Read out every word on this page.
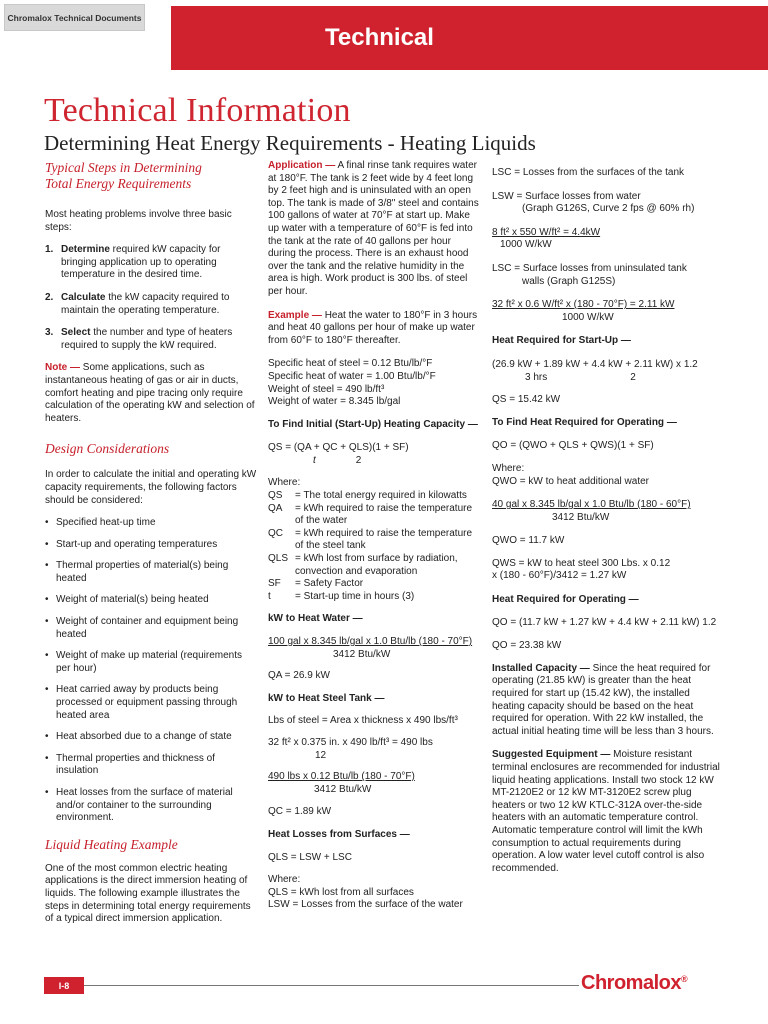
Chromalox Technical Documents
Technical
Technical Information
Determining Heat Energy Requirements - Heating Liquids
Typical Steps in Determining
Total Energy Requirements

Most heating problems involve three basic steps:

1. Determine required kW capacity for bringing application up to operating temperature in the desired time.
2. Calculate the kW capacity required to maintain the operating temperature.
3. Select the number and type of heaters required to supply the kW required.

Note — Some applications, such as instantaneous heating of gas or air in ducts, comfort heating and pipe tracing only require calculation of the operating kW and selection of heaters.

Design Considerations

In order to calculate the initial and operating kW capacity requirements, the following factors should be considered:

• Specified heat-up time
• Start-up and operating temperatures
• Thermal properties of material(s) being heated
• Weight of material(s) being heated
• Weight of container and equipment being heated
• Weight of make up material (requirements per hour)
• Heat carried away by products being processed or equipment passing through heated area
• Heat absorbed due to a change of state
• Thermal properties and thickness of insulation
• Heat losses from the surface of material and/or container to the surrounding environment.
Liquid Heating Example

One of the most common electric heating applications is the direct immersion heating of liquids. The following example illustrates the steps in determining total energy requirements of a typical direct immersion application.

Application — A final rinse tank requires water at 180°F. The tank is 2 feet wide by 4 feet long by 2 feet high and is uninsulated with an open top. The tank is made of 3/8" steel and contains 100 gallons of water at 70°F at start up. Make up water with a temperature of 60°F is fed into the tank at the rate of 40 gallons per hour during the process. There is an exhaust hood over the tank and the relative humidity in the area is high. Work product is 300 lbs. of steel per hour.

Example — Heat the water to 180°F in 3 hours and heat 40 gallons per hour of make up water from 60°F to 180°F thereafter.

Specific heat of steel = 0.12 Btu/lb/°F
Specific heat of water = 1.00 Btu/lb/°F
Weight of steel = 490 lb/ft³
Weight of water = 8.345 lb/gal

To Find Initial (Start-Up) Heating Capacity —

QS = (QA + QC + QLS)(1 + SF)
t	2

Where:

QS	= The total energy required in kilowatts
QA	= kWh required to raise the temperature of the water
QC	= kWh required to raise the temperature of the steel tank
QLS = kWh lost from surface by radiation, convection and evaporation
SF	= Safety Factor
t	= Start-up time in hours (3)

kW to Heat Water —

100 gal x 8.345 lb/gal x 1.0 Btu/lb (180 - 70°F)
3412 Btu/kW

QA = 26.9 kW

kW to Heat Steel Tank —

Lbs of steel = Area x thickness x 490 lbs/ft³

32 ft² x 0.375 in. x 490 lb/ft³ = 490 lbs
12
490 lbs x 0.12 Btu/lb (180 - 70°F)
3412 Btu/kW

QC = 1.89 kW

Heat Losses from Surfaces —

QLS = LSW + LSC

Where:

QLS = kWh lost from all surfaces

LSW = Losses from the surface of the water

LSC = Losses from the surfaces of the tank

LSW = Surface losses from water
(Graph G126S, Curve 2 fps @ 60% rh)
8 ft² x 550 W/ft² = 4.4kW
1000 W/kW
LSC = Surface losses from uninsulated tank
walls (Graph G125S)
32 ft² x 0.6 W/ft² x (180 - 70°F) = 2.11 kW
1000 W/kW

Heat Required for Start-Up —

(26.9 kW + 1.89 kW + 4.4 kW + 2.11 kW) x 1.2
3 hrs	2

QS = 15.42 kW

To Find Heat Required for Operating —

QO = (QWO + QLS + QWS)(1 + SF)

Where:

QWO = kW to heat additional water

40 gal x 8.345 lb/gal x 1.0 Btu/lb (180 - 60°F)
3412 Btu/kW

QWO = 11.7 kW

QWS = kW to heat steel 300 Lbs. x 0.12
x (180 - 60°F)/3412 = 1.27 kW

Heat Required for Operating —

QO = (11.7 kW + 1.27 kW + 4.4 kW + 2.11 kW) 1.2

QO = 23.38 kW

Installed Capacity — Since the heat required for operating (21.85 kW) is greater than the heat required for start up (15.42 kW), the installed heating capacity should be based on the heat required for operation. With 22 kW installed, the actual initial heating time will be less than 3 hours.

Suggested Equipment — Moisture resistant terminal enclosures are recommended for industrial liquid heating applications. Install two stock 12 kW MT-2120E2 or 12 kW MT-3120E2 screw plug heaters or two 12 kW KTLC-312A over-the-side heaters with an automatic temperature control. Automatic temperature control will limit the kWh consumption to actual requirements during operation. A low water level cutoff control is also recommended.

I-8	Chromalox®
